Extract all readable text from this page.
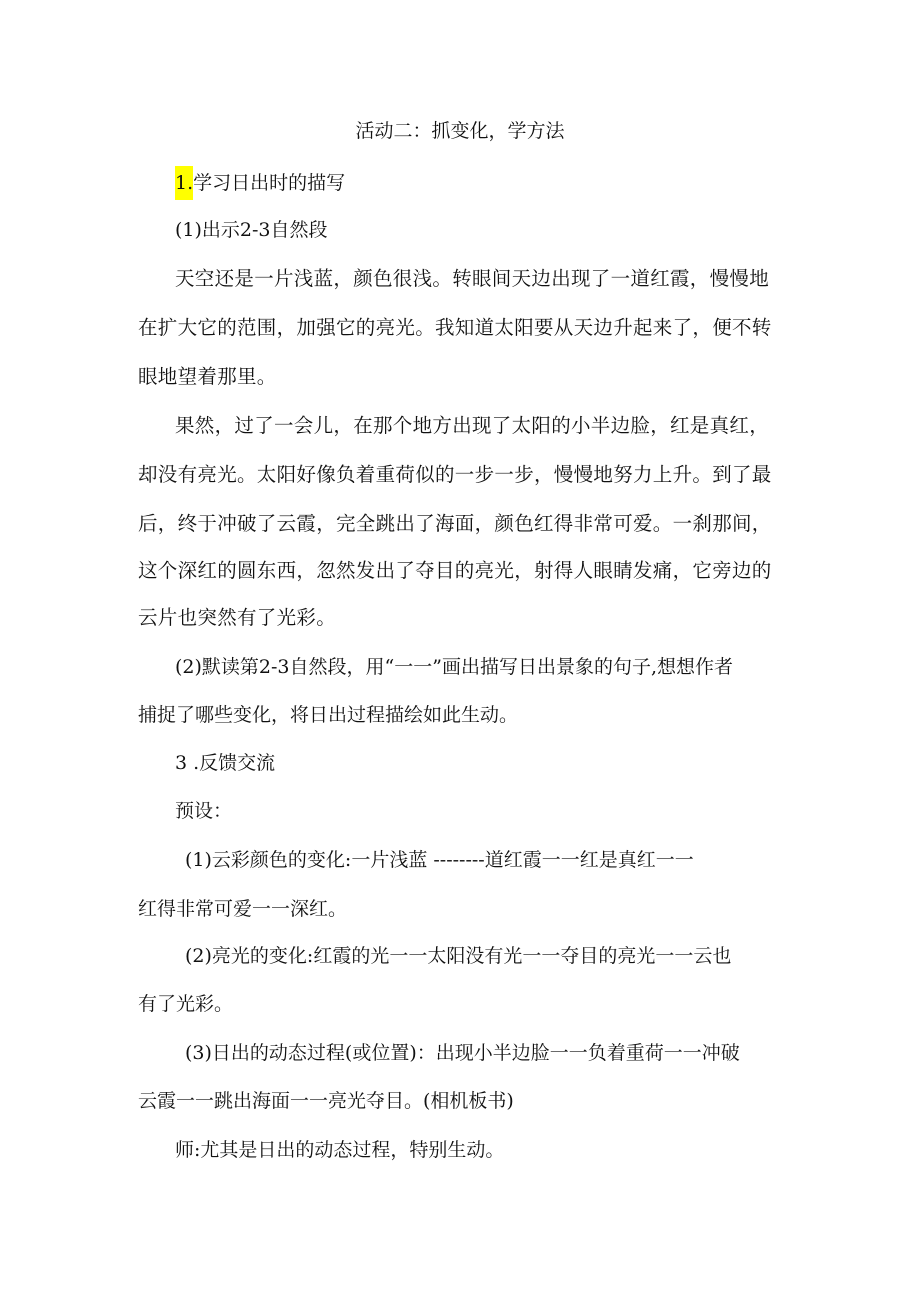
活动二：抓变化，学方法
1.学习日出时的描写
(1)出示2-3自然段
天空还是一片浅蓝，颜色很浅。转眼间天边出现了一道红霞，慢慢地
在扩大它的范围，加强它的亮光。我知道太阳要从天边升起来了，便不转
眼地望着那里。
果然，过了一会儿，在那个地方出现了太阳的小半边脸，红是真红，
却没有亮光。太阳好像负着重荷似的一步一步，慢慢地努力上升。到了最
后，终于冲破了云霞，完全跳出了海面，颜色红得非常可爱。一刹那间，
这个深红的圆东西，忽然发出了夺目的亮光，射得人眼睛发痛，它旁边的
云片也突然有了光彩。
(2)默读第2-3自然段，用“一一”画出描写日出景象的句子,想想作者
捕捉了哪些变化，将日出过程描绘如此生动。
3 .反馈交流
预设：
(1)云彩颜色的变化:一片浅蓝 --------道红霞一一红是真红一一
红得非常可爱一一深红。
(2)亮光的变化:红霞的光一一太阳没有光一一夺目的亮光一一云也
有了光彩。
(3)日出的动态过程(或位置)：出现小半边脸一一负着重荷一一冲破
云霞一一跳出海面一一亮光夺目。(相机板书)
师:尤其是日出的动态过程，特别生动。
